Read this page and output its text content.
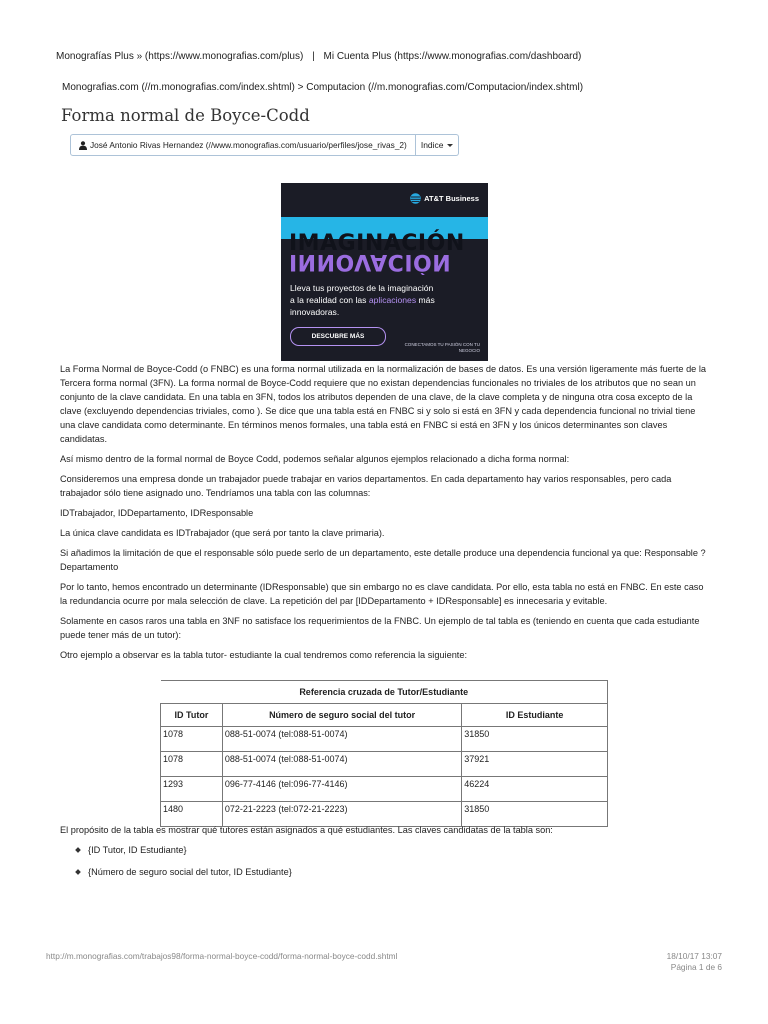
Monografías Plus » (https://www.monografias.com/plus) | Mi Cuenta Plus (https://www.monografias.com/dashboard)
Monografias.com (//m.monografias.com/index.shtml) > Computacion (//m.monografias.com/Computacion/index.shtml)
Forma normal de Boyce-Codd
José Antonio Rivas Hernandez (//www.monografias.com/usuario/perfiles/jose_rivas_2) Indice
AT&T Business
IMAGINACIÓN
INNOVACIÓN
Lleva tus proyectos de la imaginación
a la realidad con las aplicaciones más
innovadoras.
DESCUBRE MÁS
CONECTAMOS TU PASIÓN CON TU NEGOCIO

La Forma Normal de Boyce-Codd (o FNBC) es una forma normal utilizada en la normalización de bases de datos. Es una versión ligeramente más fuerte de la Tercera forma normal (3FN). La forma normal de Boyce-Codd requiere que no existan dependencias funcionales no triviales de los atributos que no sean un conjunto de la clave candidata. En una tabla en 3FN, todos los atributos dependen de una clave, de la clave completa y de ninguna otra cosa excepto de la clave (excluyendo dependencias triviales, como ). Se dice que una tabla está en FNBC si y solo si está en 3FN y cada dependencia funcional no trivial tiene una clave candidata como determinante. En términos menos formales, una tabla está en FNBC si está en 3FN y los únicos determinantes son claves candidatas.

Así mismo dentro de la formal normal de Boyce Codd, podemos señalar algunos ejemplos relacionado a dicha forma normal:

Consideremos una empresa donde un trabajador puede trabajar en varios departamentos. En cada departamento hay varios responsables, pero cada trabajador sólo tiene asignado uno. Tendríamos una tabla con las columnas:

IDTrabajador, IDDepartamento, IDResponsable

La única clave candidata es IDTrabajador (que será por tanto la clave primaria).

Si añadimos la limitación de que el responsable sólo puede serlo de un departamento, este detalle produce una dependencia funcional ya que: Responsable ? Departamento

Por lo tanto, hemos encontrado un determinante (IDResponsable) que sin embargo no es clave candidata. Por ello, esta tabla no está en FNBC. En este caso la redundancia ocurre por mala selección de clave. La repetición del par [IDDepartamento + IDResponsable] es innecesaria y evitable.

Solamente en casos raros una tabla en 3NF no satisface los requerimientos de la FNBC. Un ejemplo de tal tabla es (teniendo en cuenta que cada estudiante puede tener más de un tutor):

Otro ejemplo a observar es la tabla tutor- estudiante la cual tendremos como referencia la siguiente:

Referencia cruzada de Tutor/Estudiante		
ID Tutor	Número de seguro social del tutor	ID Estudiante
1078	088-51-0074 (tel:088-51-0074)	31850
1078	088-51-0074 (tel:088-51-0074)	37921
1293	096-77-4146 (tel:096-77-4146)	46224
1480	072-21-2223 (tel:072-21-2223)	31850

El propósito de la tabla es mostrar qué tutores están asignados a qué estudiantes. Las claves candidatas de la tabla son:

{ID Tutor, ID Estudiante}
{Número de seguro social del tutor, ID Estudiante}
http://m.monografias.com/trabajos98/forma-normal-boyce-codd/forma-normal-boyce-codd.shtml	18/10/17 13:07
Página 1 de 6
